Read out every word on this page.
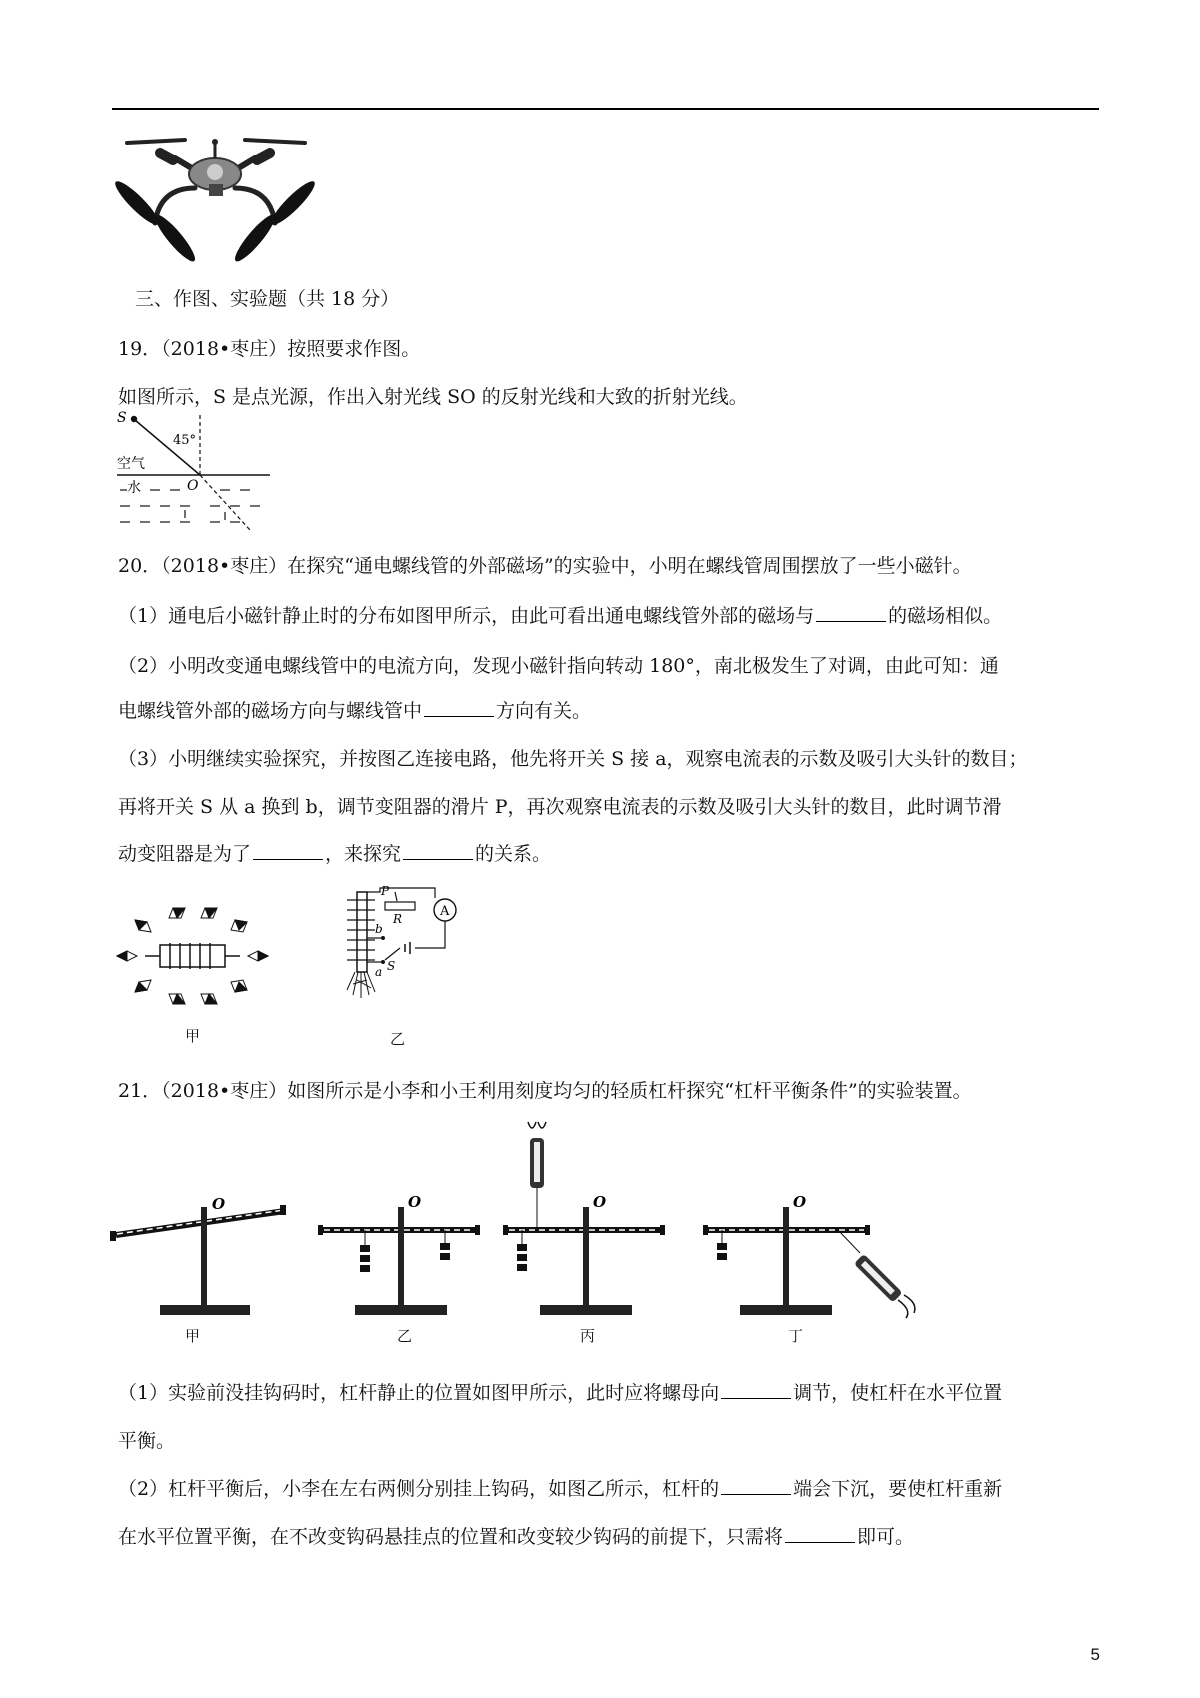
三、作图、实验题（共 18 分）
19．（2018•枣庄）按照要求作图。
如图所示，S 是点光源，作出入射光线 SO 的反射光线和大致的折射光线。
S
45°
空气
水	O
20．（2018•枣庄）在探究“通电螺线管的外部磁场”的实验中，小明在螺线管周围摆放了一些小磁针。
（1）通电后小磁针静止时的分布如图甲所示，由此可看出通电螺线管外部的磁场与	的磁场相似。
（2）小明改变通电螺线管中的电流方向，发现小磁针指向转动 180°，南北极发生了对调，由此可知：通
电螺线管外部的磁场方向与螺线管中	方向有关。
（3）小明继续实验探究，并按图乙连接电路，他先将开关 S 接 a，观察电流表的示数及吸引大头针的数目；
再将开关 S 从 a 换到 b，调节变阻器的滑片 P，再次观察电流表的示数及吸引大头针的数目，此时调节滑
动变阻器是为了	，来探究	的关系。
甲
P
R	A
S
b
a
乙
21．（2018•枣庄）如图所示是小李和小王利用刻度均匀的轻质杠杆探究“杠杆平衡条件”的实验装置。
O
甲
O
乙
O
丙
O
丁
（1）实验前没挂钩码时，杠杆静止的位置如图甲所示，此时应将螺母向	调节，使杠杆在水平位置
平衡。
（2）杠杆平衡后，小李在左右两侧分别挂上钩码，如图乙所示，杠杆的	端会下沉，要使杠杆重新
在水平位置平衡，在不改变钩码悬挂点的位置和改变较少钩码的前提下，只需将	即可。
5
